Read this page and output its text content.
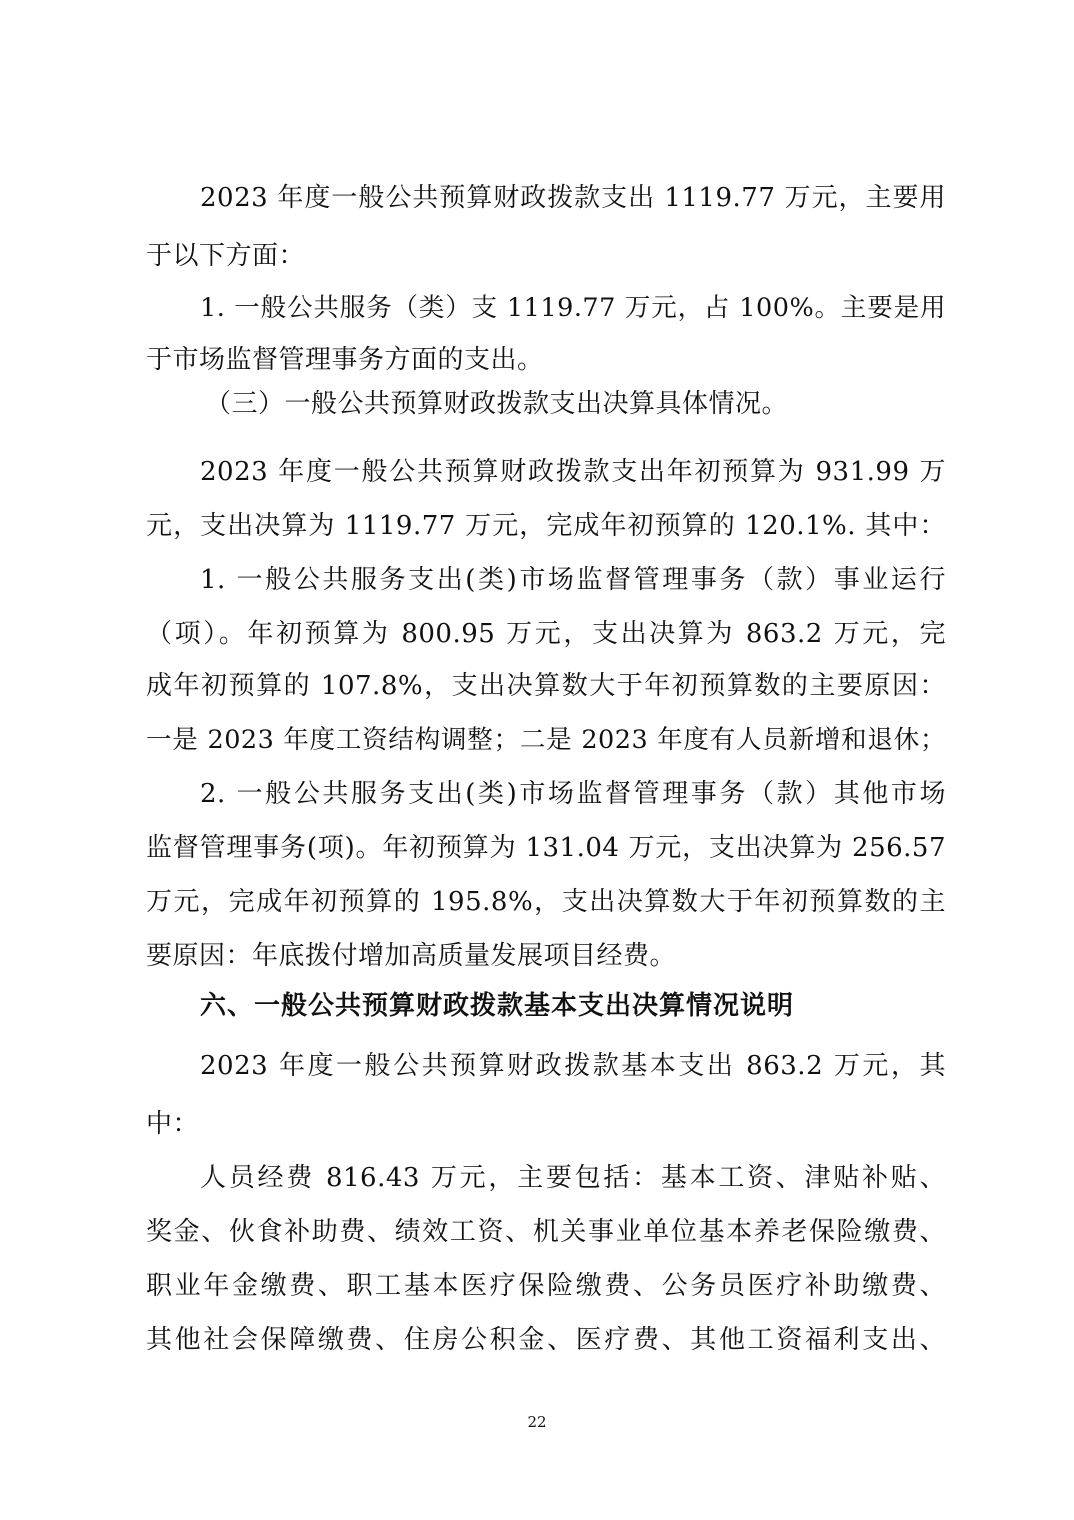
2023 年度一般公共预算财政拨款支出 1119.77 万元，主要用
于以下方面：
1. 一般公共服务（类）支 1119.77 万元，占 100%。主要是用
于市场监督管理事务方面的支出。
（三）一般公共预算财政拨款支出决算具体情况。
2023 年度一般公共预算财政拨款支出年初预算为 931.99 万
元，支出决算为 1119.77 万元，完成年初预算的 120.1%. 其中：
1. 一般公共服务支出(类)市场监督管理事务（款）事业运行
（项）。年初预算为 800.95 万元，支出决算为 863.2 万元，完
成年初预算的 107.8%，支出决算数大于年初预算数的主要原因：
一是 2023 年度工资结构调整；二是 2023 年度有人员新增和退休；
2. 一般公共服务支出(类)市场监督管理事务（款）其他市场
监督管理事务(项)。年初预算为 131.04 万元，支出决算为 256.57
万元，完成年初预算的 195.8%，支出决算数大于年初预算数的主
要原因：年底拨付增加高质量发展项目经费。
六、一般公共预算财政拨款基本支出决算情况说明
2023 年度一般公共预算财政拨款基本支出 863.2 万元，其
中：
人员经费 816.43 万元，主要包括：基本工资、津贴补贴、
奖金、伙食补助费、绩效工资、机关事业单位基本养老保险缴费、
职业年金缴费、职工基本医疗保险缴费、公务员医疗补助缴费、
其他社会保障缴费、住房公积金、医疗费、其他工资福利支出、
22
